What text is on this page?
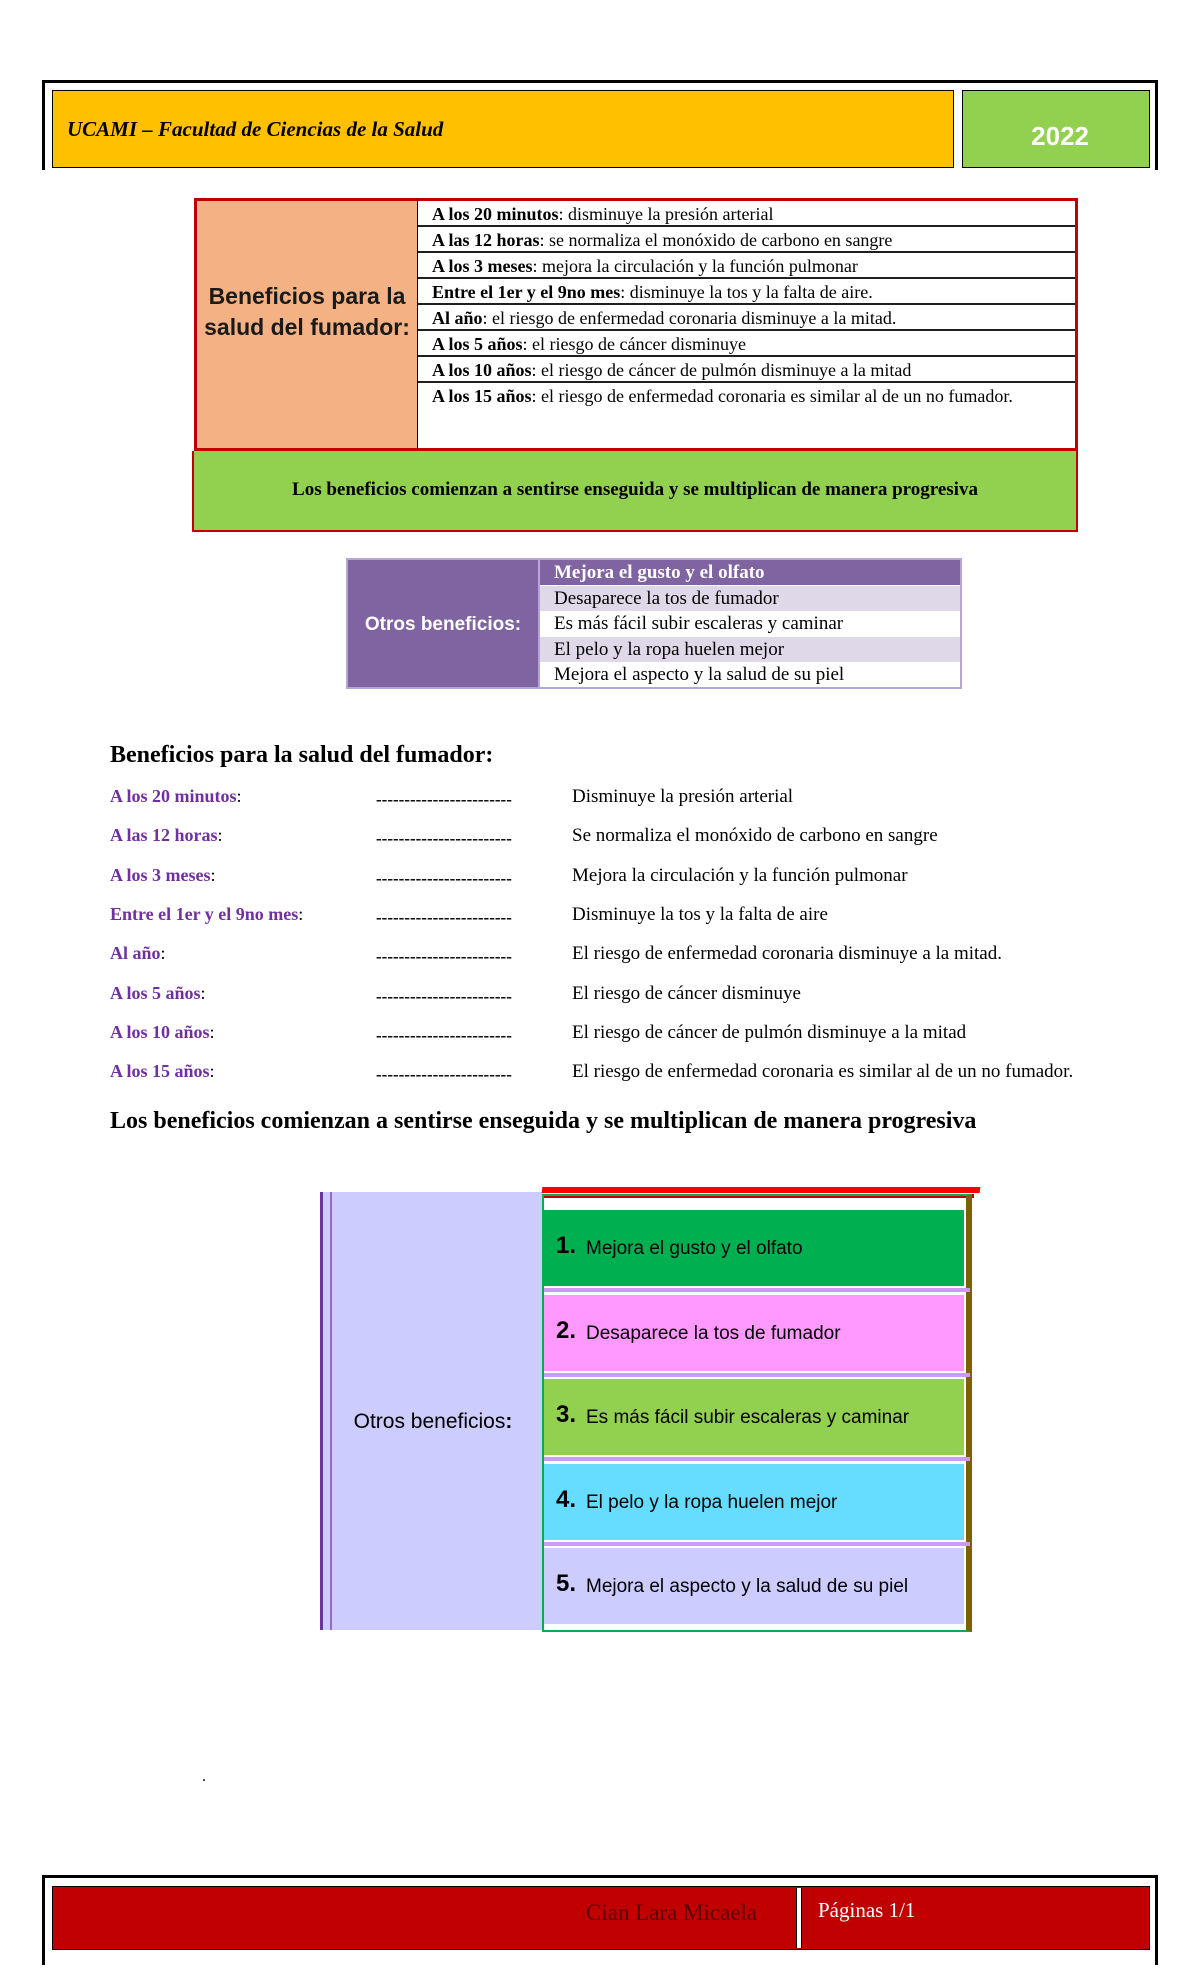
UCAMI – Facultad de Ciencias de la Salud	2022
Beneficios para la salud del fumador:
A los 20 minutos: disminuye la presión arterial
A las 12 horas: se normaliza el monóxido de carbono en sangre
A los 3 meses: mejora la circulación y la función pulmonar
Entre el 1er y el 9no mes: disminuye la tos y la falta de aire.
Al año: el riesgo de enfermedad coronaria disminuye a la mitad.
A los 5 años: el riesgo de cáncer disminuye
A los 10 años: el riesgo de cáncer de pulmón disminuye a la mitad
A los 15 años: el riesgo de enfermedad coronaria es similar al de un no fumador.
Los beneficios comienzan a sentirse enseguida y se multiplican de manera progresiva
Otros beneficios:
Mejora el gusto y el olfato
Desaparece la tos de fumador
Es más fácil subir escaleras y caminar
El pelo y la ropa huelen mejor
Mejora el aspecto y la salud de su piel
Beneficios para la salud del fumador:
A los 20 minutos:	------------------------	Disminuye la presión arterial
A las 12 horas:	------------------------	Se normaliza el monóxido de carbono en sangre
A los 3 meses:	------------------------	Mejora la circulación y la función pulmonar
Entre el 1er y el 9no mes:	------------------------	Disminuye la tos y la falta de aire
Al año:	------------------------	El riesgo de enfermedad coronaria disminuye a la mitad.
A los 5 años:	------------------------	El riesgo de cáncer disminuye
A los 10 años:	------------------------	El riesgo de cáncer de pulmón disminuye a la mitad
A los 15 años:	------------------------	El riesgo de enfermedad coronaria es similar al de un no fumador.
Los beneficios comienzan a sentirse enseguida y se multiplican de manera progresiva
Otros beneficios:
1. Mejora el gusto y el olfato
2. Desaparece la tos de fumador
3. Es más fácil subir escaleras y caminar
4. El pelo y la ropa huelen mejor
5. Mejora el aspecto y la salud de su piel
.
Cian Lara Micaela	Páginas 1/1
